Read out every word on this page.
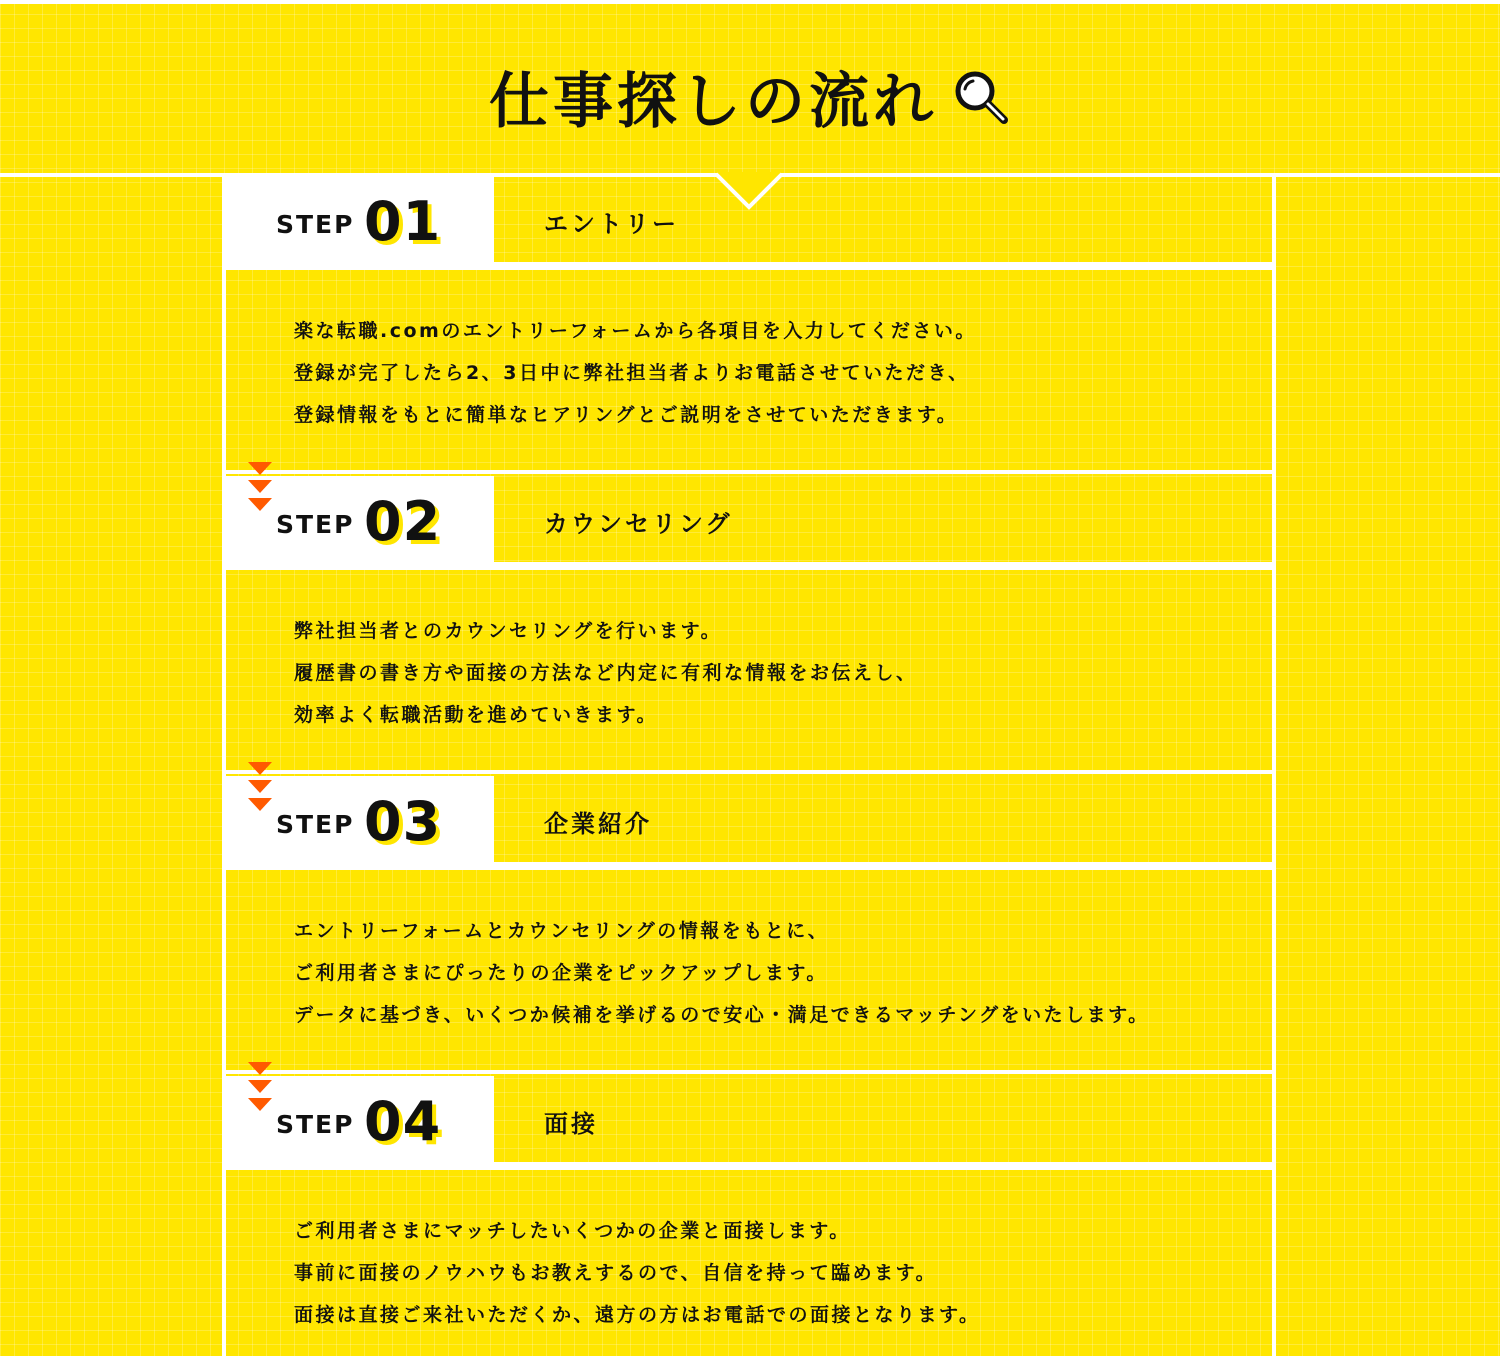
仕事探しの流れ
STEP 01	エントリー
楽な転職.comのエントリーフォームから各項目を入力してください。
登録が完了したら2、3日中に弊社担当者よりお電話させていただき、
登録情報をもとに簡単なヒアリングとご説明をさせていただきます。
STEP 02	カウンセリング
弊社担当者とのカウンセリングを行います。
履歴書の書き方や面接の方法など内定に有利な情報をお伝えし、
効率よく転職活動を進めていきます。
STEP 03	企業紹介
エントリーフォームとカウンセリングの情報をもとに、
ご利用者さまにぴったりの企業をピックアップします。
データに基づき、いくつか候補を挙げるので安心・満足できるマッチングをいたします。
STEP 04	面接
ご利用者さまにマッチしたいくつかの企業と面接します。
事前に面接のノウハウもお教えするので、自信を持って臨めます。
面接は直接ご来社いただくか、遠方の方はお電話での面接となります。
